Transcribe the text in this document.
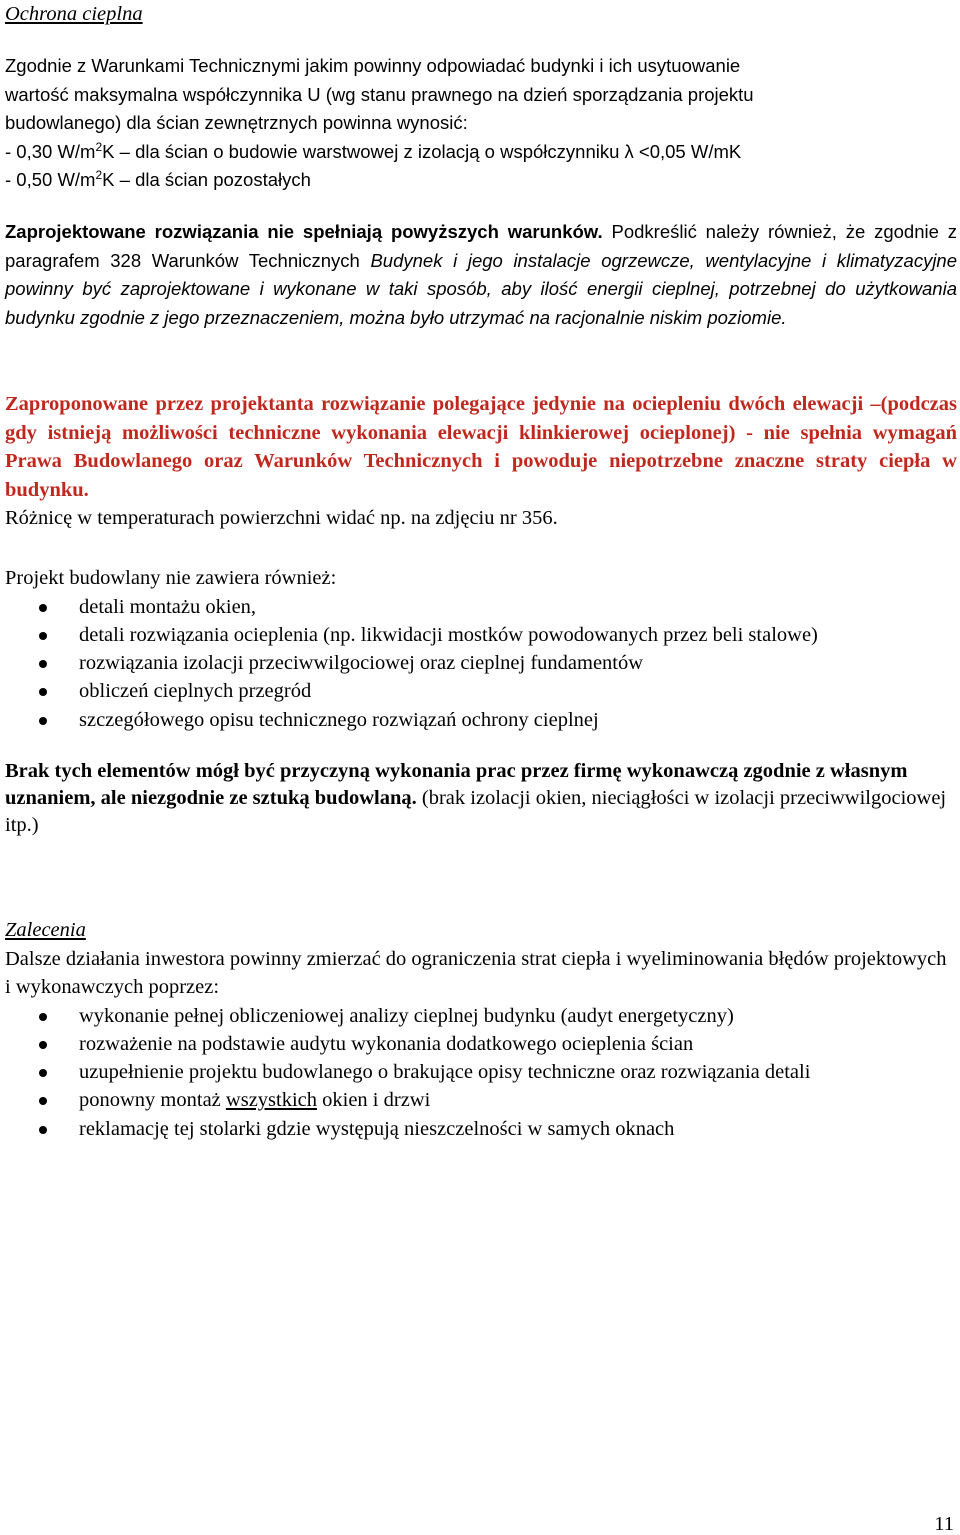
Ochrona cieplna
Zgodnie z Warunkami Technicznymi jakim powinny odpowiadać budynki i ich usytuowanie
wartość maksymalna współczynnika U (wg stanu prawnego na dzień sporządzania projektu
budowlanego) dla ścian zewnętrznych powinna wynosić:
- 0,30 $W/m^2K$ – dla ścian o budowie warstwowej z izolacją o współczynniku λ <0,05 W/mK
- 0,50 $W/m^2K$ – dla ścian pozostałych
Zaprojektowane rozwiązania nie spełniają powyższych warunków. Podkreślić należy również, że zgodnie z paragrafem 328 Warunków Technicznych Budynek i jego instalacje ogrzewcze, wentylacyjne i klimatyzacyjne powinny być zaprojektowane i wykonane w taki sposób, aby ilość energii cieplnej, potrzebnej do użytkowania budynku zgodnie z jego przeznaczeniem, można było utrzymać na racjonalnie niskim poziomie.
Zaproponowane przez projektanta rozwiązanie polegające jedynie na ociepleniu dwóch elewacji –(podczas gdy istnieją możliwości techniczne wykonania elewacji klinkierowej ocieplonej) - nie spełnia wymagań Prawa Budowlanego oraz Warunków Technicznych i powoduje niepotrzebne znaczne straty ciepła w budynku.
Różnicę w temperaturach powierzchni widać np. na zdjęciu nr 356.
Projekt budowlany nie zawiera również:
detali montażu okien,
detali rozwiązania ocieplenia (np. likwidacji mostków powodowanych przez beli stalowe)
rozwiązania izolacji przeciwwilgociowej oraz cieplnej fundamentów
obliczeń cieplnych przegród
szczegółowego opisu technicznego rozwiązań ochrony cieplnej
Brak tych elementów mógł być przyczyną wykonania prac przez firmę wykonawczą zgodnie z własnym uznaniem, ale niezgodnie ze sztuką budowlaną. (brak izolacji okien, nieciągłości w izolacji przeciwwilgociowej itp.)
Zalecenia
Dalsze działania inwestora powinny zmierzać do ograniczenia strat ciepła i wyeliminowania błędów projektowych i wykonawczych poprzez:
wykonanie pełnej obliczeniowej analizy cieplnej budynku (audyt energetyczny)
rozważenie na podstawie audytu wykonania dodatkowego ocieplenia ścian
uzupełnienie projektu budowlanego o brakujące opisy techniczne oraz rozwiązania detali
ponowny montaż wszystkich okien i drzwi
reklamację tej stolarki gdzie występują nieszczelności w samych oknach
11
